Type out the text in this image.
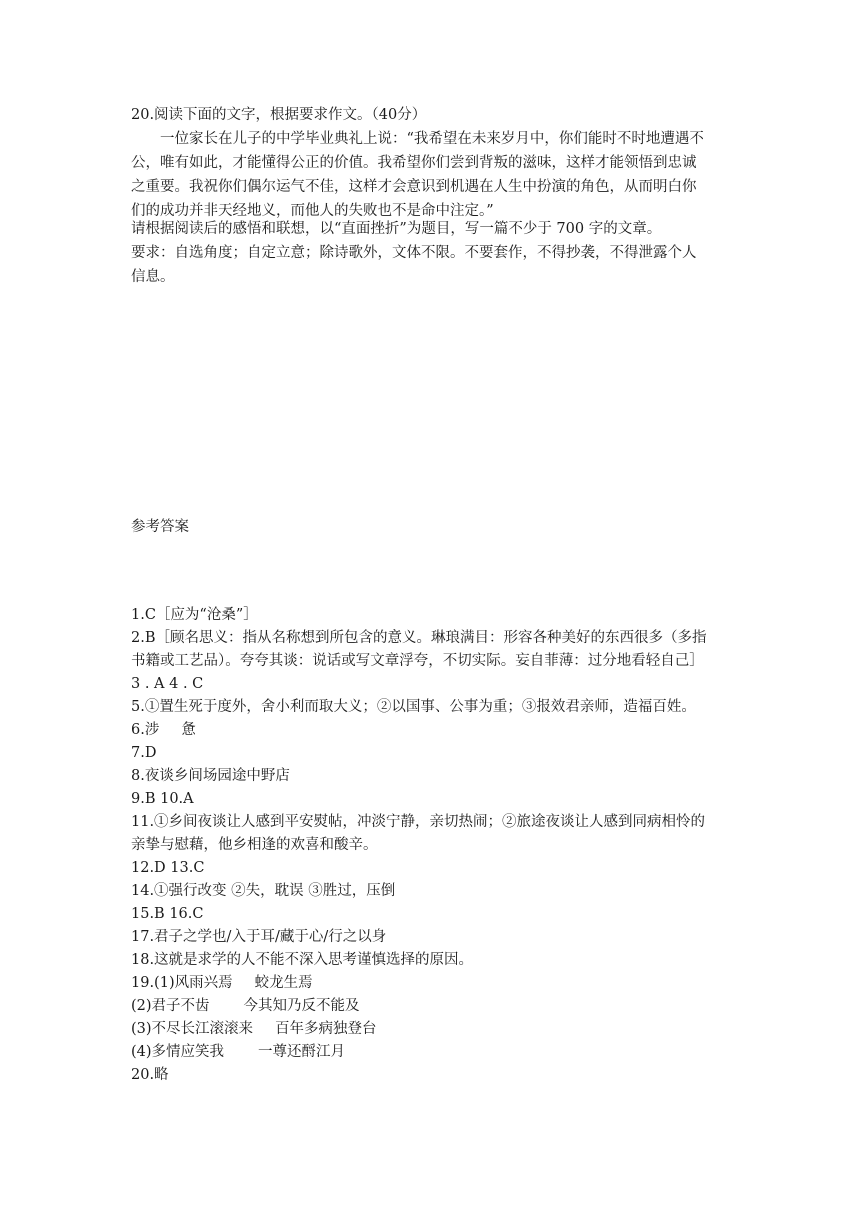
20.阅读下面的文字，根据要求作文。（40分）
一位家长在儿子的中学毕业典礼上说：“我希望在未来岁月中，你们能时不时地遭遇不
公，唯有如此，才能懂得公正的价值。我希望你们尝到背叛的滋味，这样才能领悟到忠诚
之重要。我祝你们偶尔运气不佳，这样才会意识到机遇在人生中扮演的角色，从而明白你
们的成功并非天经地义，而他人的失败也不是命中注定。”
请根据阅读后的感悟和联想，以“直面挫折”为题目，写一篇不少于 700 字的文章。
要求：自选角度；自定立意；除诗歌外，文体不限。不要套作，不得抄袭，不得泄露个人
信息。
参考答案
1.C［应为“沧桑”］
2.B［顾名思义：指从名称想到所包含的意义。琳琅满目：形容各种美好的东西很多（多指
书籍或工艺品）。夸夸其谈：说话或写文章浮夸，不切实际。妄自菲薄：过分地看轻自己］
3 . A 4 . C
5.①置生死于度外，舍小利而取大义；②以国事、公事为重；③报效君亲师，造福百姓。
6.涉 惫
7.D
8.夜谈乡间场园途中野店
9.B 10.A
11.①乡间夜谈让人感到平安熨帖，冲淡宁静，亲切热闹；②旅途夜谈让人感到同病相怜的
亲挚与慰藉，他乡相逢的欢喜和酸辛。
12.D 13.C
14.①强行改变 ②失，耽误 ③胜过，压倒
15.B 16.C
17.君子之学也/入于耳/藏于心/行之以身
18.这就是求学的人不能不深入思考谨慎选择的原因。
19.(1)风雨兴焉 蛟龙生焉
(2)君子不齿 今其知乃反不能及
(3)不尽长江滚滚来 百年多病独登台
(4)多情应笑我 一尊还酹江月
20.略
